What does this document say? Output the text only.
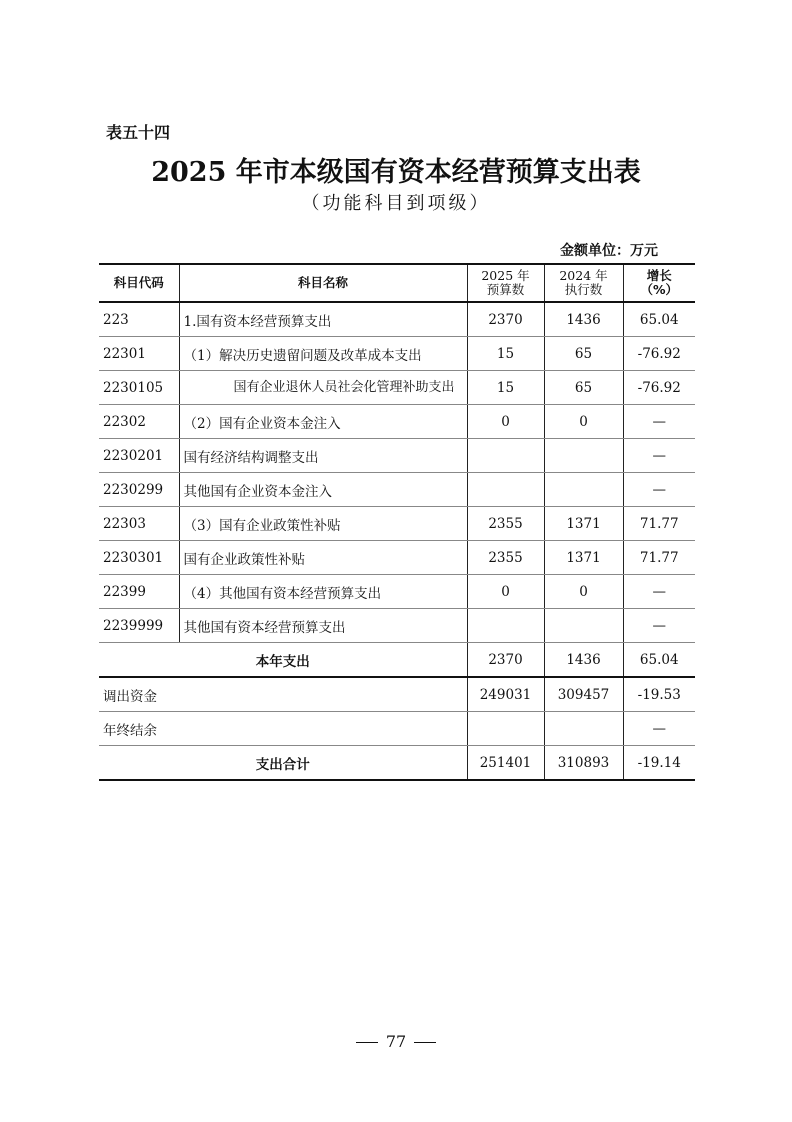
表五十四
2025 年市本级国有资本经营预算支出表
（功能科目到项级）
金额单位：万元
科目代码	科目名称	2025 年预算数	2024 年执行数	增长（%）
223	1.国有资本经营预算支出	2370	1436	65.04
22301	（1）解决历史遗留问题及改革成本支出	15	65	-76.92
2230105	国有企业退休人员社会化管理补助支出	15	65	-76.92
22302	（2）国有企业资本金注入	0	0	—
2230201	国有经济结构调整支出			—
2230299	其他国有企业资本金注入			—
22303	（3）国有企业政策性补贴	2355	1371	71.77
2230301	国有企业政策性补贴	2355	1371	71.77
22399	（4）其他国有资本经营预算支出	0	0	—
2239999	其他国有资本经营预算支出			—
本年支出		2370	1436	65.04
调出资金		249031	309457	-19.53
年终结余				—
支出合计		251401	310893	-19.14
77
